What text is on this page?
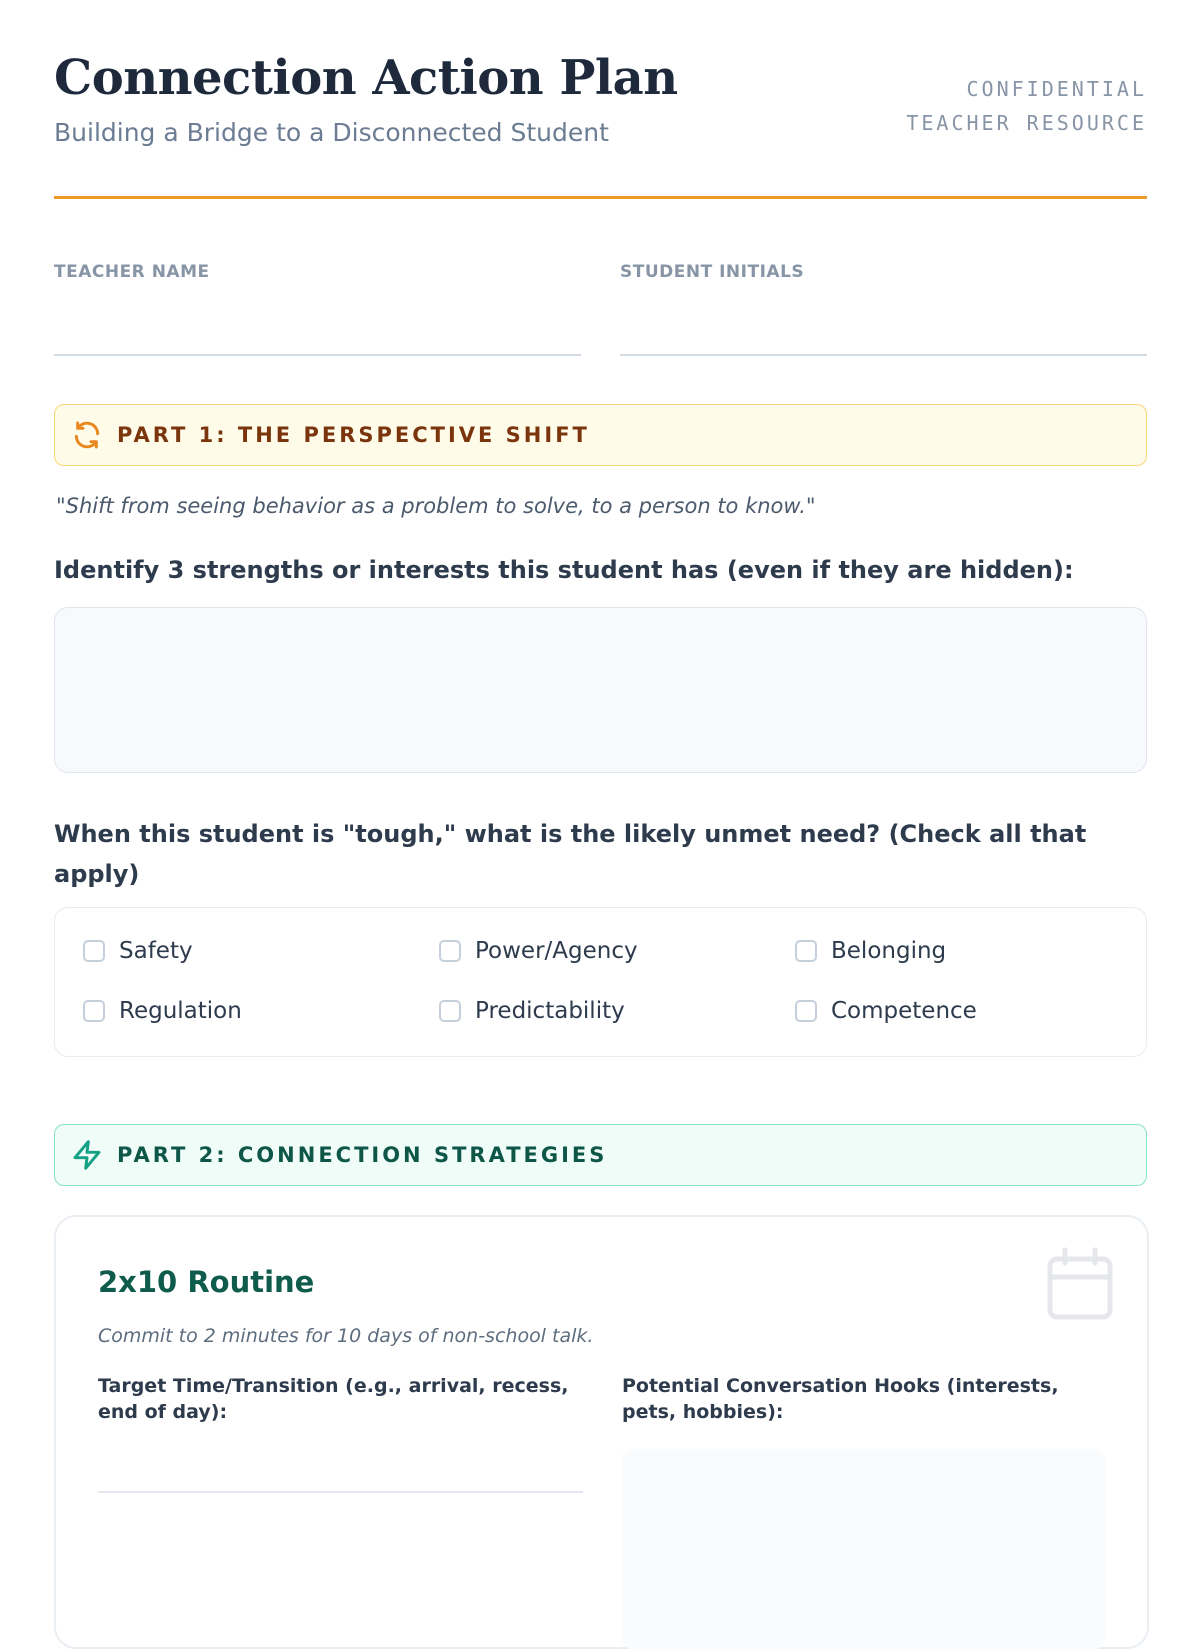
Connection Action Plan
Building a Bridge to a Disconnected Student
CONFIDENTIAL
TEACHER RESOURCE
TEACHER NAME	STUDENT INITIALS
PART 1: THE PERSPECTIVE SHIFT
"Shift from seeing behavior as a problem to solve, to a person to know."
Identify 3 strengths or interests this student has (even if they are hidden):
When this student is "tough," what is the likely unmet need? (Check all that apply)
Safety	Power/Agency	Belonging
Regulation	Predictability	Competence
PART 2: CONNECTION STRATEGIES
2x10 Routine
Commit to 2 minutes for 10 days of non-school talk.
Target Time/Transition (e.g., arrival, recess, end of day):
Potential Conversation Hooks (interests, pets, hobbies):
